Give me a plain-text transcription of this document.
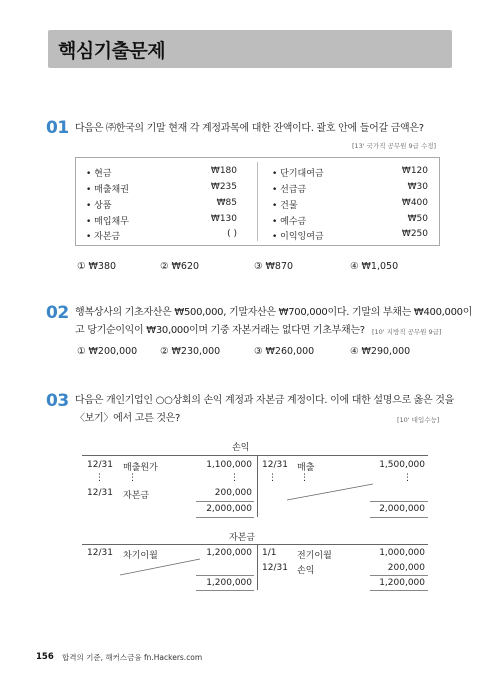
핵심기출문제
01 다음은 ㈜한국의 기말 현재 각 계정과목에 대한 잔액이다. 괄호 안에 들어갈 금액은?
[13' 국가직 공무원 9급 수정]
• 현금	₩180
• 매출채권	₩235
• 상품	₩85
• 매입채무	₩130
• 자본금	( )
• 단기대여금	₩120
• 선급금	₩30
• 건물	₩400
• 예수금	₩50
• 이익잉여금	₩250
① ₩380	② ₩620	③ ₩870	④ ₩1,050
02 행복상사의 기초자산은 ₩500,000, 기말자산은 ₩700,000이다. 기말의 부채는 ₩400,000이
고 당기순이익이 ₩30,000이며 기중 자본거래는 없다면 기초부채는? [10' 지방직 공무원 9급]
① ₩200,000 ② ₩230,000	③ ₩260,000	④ ₩290,000
03 다음은 개인기업인 ○○상회의 손익 계정과 자본금 계정이다. 이에 대한 설명으로 옳은 것을
〈보기〉에서 고른 것은?	[10' 대입수능]
손익
12/31 매출원가	1,100,000
⋮	⋮	⋮
12/31 자본금	200,000
2,000,000
12/31 매출	1,500,000
⋮	⋮	⋮
2,000,000
자본금
12/31 차기이월	1,200,000
1,200,000
1/1 전기이월	1,000,000
12/31 손익	200,000
1,200,000
156 합격의 기준, 해커스금융 fn.Hackers.com
